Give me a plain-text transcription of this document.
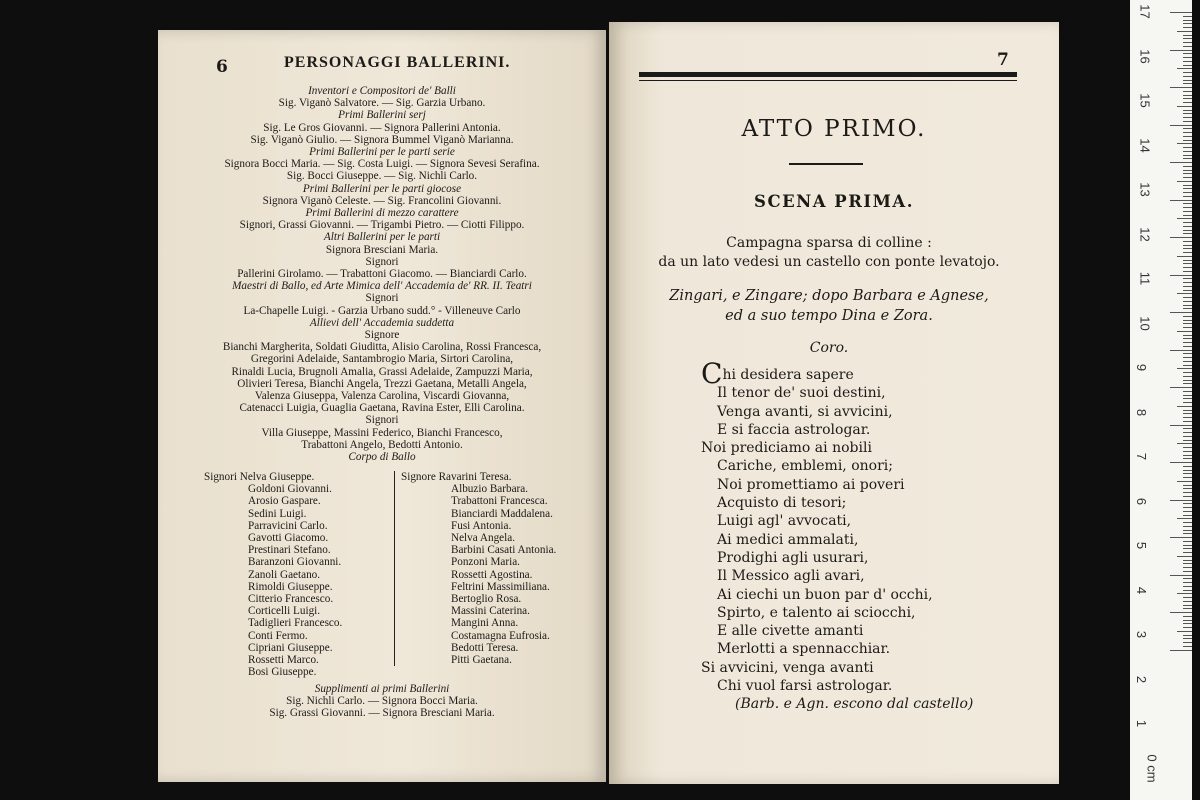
6	PERSONAGGI BALLERINI.
Inventori e Compositori de' Balli
Sig. Viganò Salvatore. — Sig. Garzia Urbano.
Primi Ballerini serj
Sig. Le Gros Giovanni. — Signora Pallerini Antonia.
Sig. Viganò Giulio. — Signora Bummel Viganò Marianna.
Primi Ballerini per le parti serie
Signora Bocci Maria. — Sig. Costa Luigi. — Signora Sevesi Serafina.
Sig. Bocci Giuseppe. — Sig. Nichli Carlo.
Primi Ballerini per le parti giocose
Signora Viganò Celeste. — Sig. Francolini Giovanni.
Primi Ballerini di mezzo carattere
Signori, Grassi Giovanni. — Trigambi Pietro. — Ciotti Filippo.
Altri Ballerini per le parti
Signora Bresciani Maria.
Signori
Pallerini Girolamo. — Trabattoni Giacomo. — Bianciardi Carlo.
Maestri di Ballo, ed Arte Mimica dell' Accademia de' RR. II. Teatri
Signori
La-Chapelle Luigi. - Garzia Urbano sudd.° - Villeneuve Carlo
Allievi dell' Accademia suddetta
Signore
Bianchi Margherita, Soldati Giuditta, Alisio Carolina, Rossi Francesca,
Gregorini Adelaide, Santambrogio Maria, Sirtori Carolina,
Rinaldi Lucia, Brugnoli Amalia, Grassi Adelaide, Zampuzzi Maria,
Olivieri Teresa, Bianchi Angela, Trezzi Gaetana, Metalli Angela,
Valenza Giuseppa, Valenza Carolina, Viscardi Giovanna,
Catenacci Luigia, Guaglia Gaetana, Ravina Ester, Elli Carolina.
Signori
Villa Giuseppe, Massini Federico, Bianchi Francesco,
Trabattoni Angelo, Bedotti Antonio.
Corpo di Ballo
Signori Nelva Giuseppe.
Goldoni Giovanni.
Arosio Gaspare.
Sedini Luigi.
Parravicini Carlo.
Gavotti Giacomo.
Prestinari Stefano.
Baranzoni Giovanni.
Zanoli Gaetano.
Rimoldi Giuseppe.
Citterio Francesco.
Corticelli Luigi.
Tadiglieri Francesco.
Conti Fermo.
Cipriani Giuseppe.
Rossetti Marco.
Bosi Giuseppe.
Signore Ravarini Teresa.
Albuzio Barbara.
Trabattoni Francesca.
Bianciardi Maddalena.
Fusi Antonia.
Nelva Angela.
Barbini Casati Antonia.
Ponzoni Maria.
Rossetti Agostina.
Feltrini Massimiliana.
Bertoglio Rosa.
Massini Caterina.
Mangini Anna.
Costamagna Eufrosia.
Bedotti Teresa.
Pitti Gaetana.
Supplimenti ai primi Ballerini
Sig. Nichli Carlo. — Signora Bocci Maria.
Sig. Grassi Giovanni. — Signora Bresciani Maria.
7
ATTO PRIMO.
SCENA PRIMA.
Campagna sparsa di colline :
da un lato vedesi un castello con ponte levatojo.
Zingari, e Zingare; dopo Barbara e Agnese,
ed a suo tempo Dina e Zora.
Coro.
Chi desidera sapere
Il tenor de' suoi destini,
Venga avanti, si avvicini,
E si faccia astrologar.
Noi prediciamo ai nobili
Cariche, emblemi, onori;
Noi promettiamo ai poveri
Acquisto di tesori;
Luigi agl' avvocati,
Ai medici ammalati,
Prodighi agli usurari,
Il Messico agli avari,
Ai ciechi un buon par d' occhi,
Spirto, e talento ai sciocchi,
E alle civette amanti
Merlotti a spennacchiar.
Si avvicini, venga avanti
Chi vuol farsi astrologar.
(Barb. e Agn. escono dal castello)
17
16
15
14
13
12
11
10
9
8
7
6
5
4
3
2
1
0 cm
